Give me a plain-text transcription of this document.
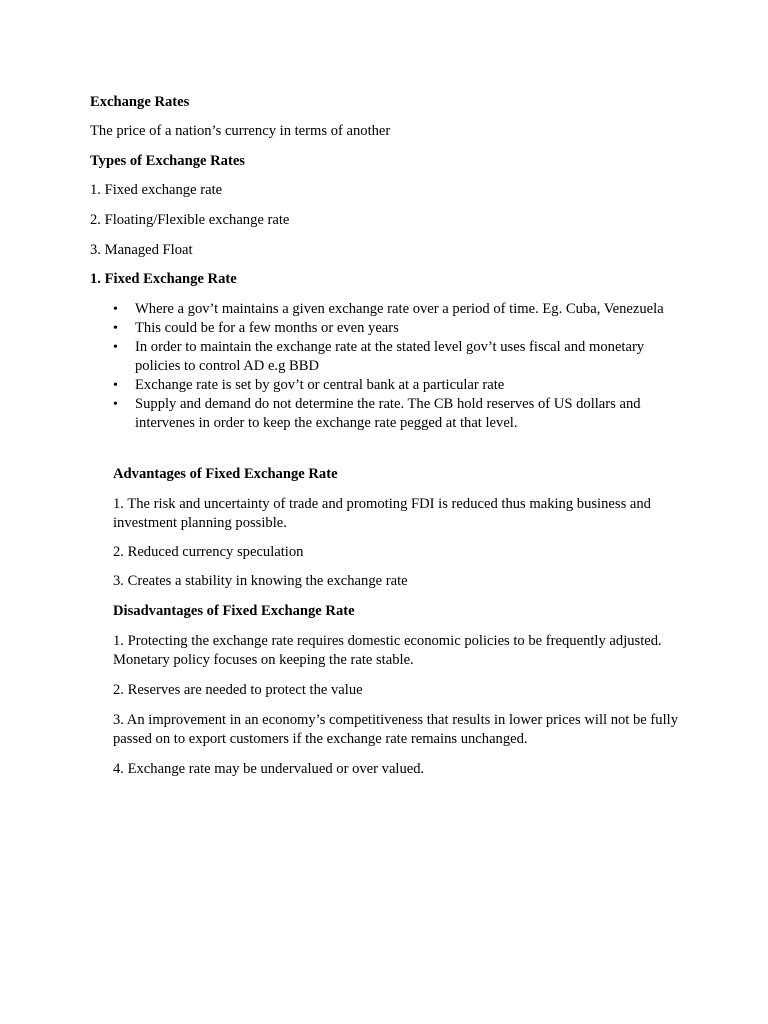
Exchange Rates

The price of a nation’s currency in terms of another

Types of Exchange Rates

1. Fixed exchange rate

2. Floating/Flexible exchange rate

3. Managed Float

1. Fixed Exchange Rate

•	Where a gov’t maintains a given exchange rate over a period of time. Eg. Cuba, Venezuela
•	This could be for a few months or even years
•	In order to maintain the exchange rate at the stated level gov’t uses fiscal and monetary policies to control AD e.g BBD
•	Exchange rate is set by gov’t or central bank at a particular rate
•	Supply and demand do not determine the rate. The CB hold reserves of US dollars and intervenes in order to keep the exchange rate pegged at that level.

Advantages of Fixed Exchange Rate

1. The risk and uncertainty of trade and promoting FDI is reduced thus making business and investment planning possible.

2. Reduced currency speculation

3. Creates a stability in knowing the exchange rate

Disadvantages of Fixed Exchange Rate

1. Protecting the exchange rate requires domestic economic policies to be frequently adjusted. Monetary policy focuses on keeping the rate stable.

2. Reserves are needed to protect the value

3. An improvement in an economy’s competitiveness that results in lower prices will not be fully passed on to export customers if the exchange rate remains unchanged.

4. Exchange rate may be undervalued or over valued.
